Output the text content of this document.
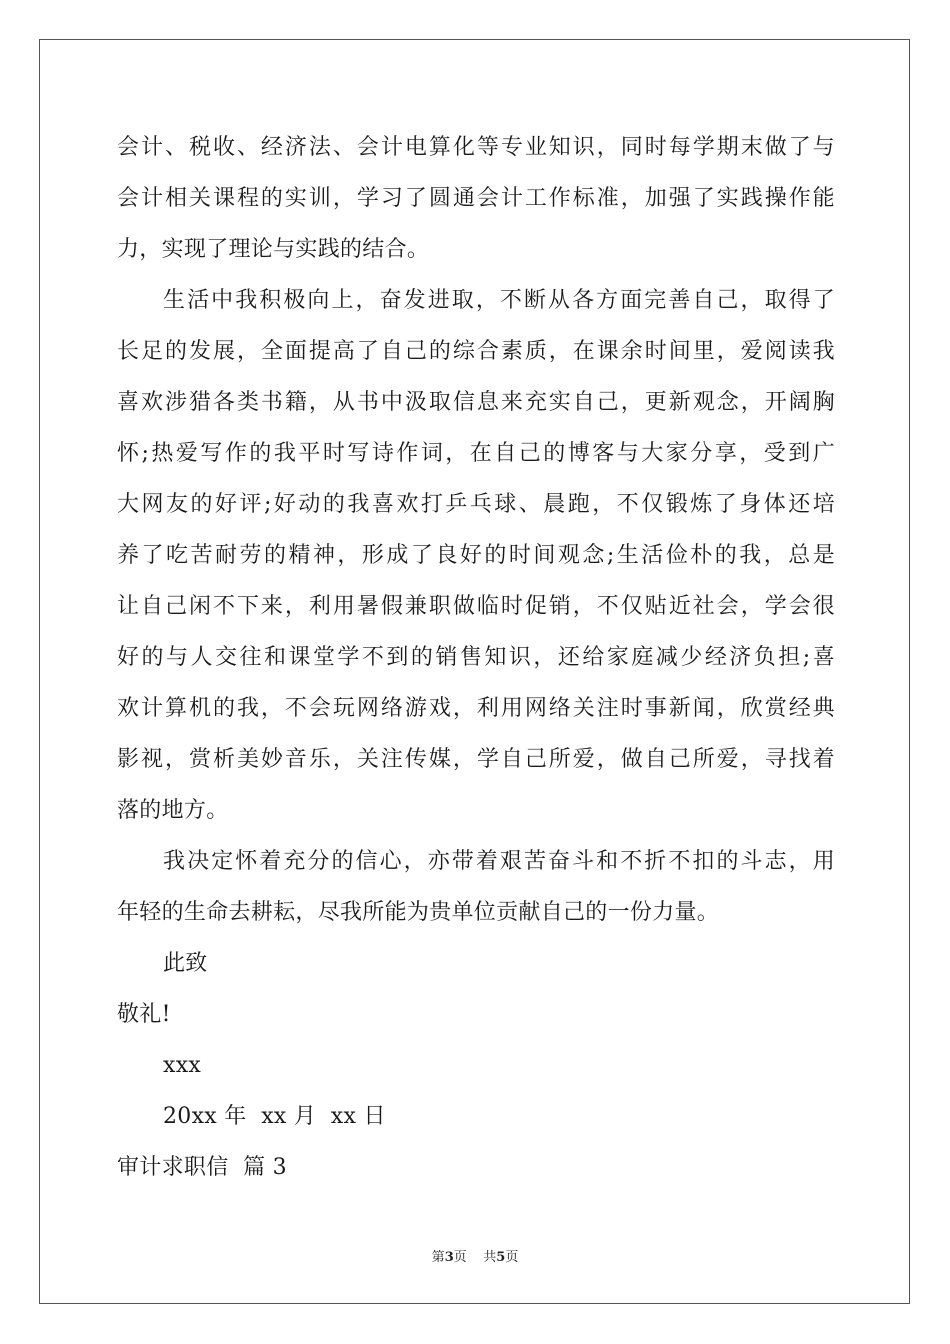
会计、税收、经济法、会计电算化等专业知识，同时每学期末做了与
会计相关课程的实训，学习了圆通会计工作标准，加强了实践操作能
力，实现了理论与实践的结合。
生活中我积极向上，奋发进取，不断从各方面完善自己，取得了
长足的发展，全面提高了自己的综合素质，在课余时间里，爱阅读我
喜欢涉猎各类书籍，从书中汲取信息来充实自己，更新观念，开阔胸
怀;热爱写作的我平时写诗作词，在自己的博客与大家分享，受到广
大网友的好评;好动的我喜欢打乒乓球、晨跑，不仅锻炼了身体还培
养了吃苦耐劳的精神，形成了良好的时间观念;生活俭朴的我，总是
让自己闲不下来，利用暑假兼职做临时促销，不仅贴近社会，学会很
好的与人交往和课堂学不到的销售知识，还给家庭减少经济负担;喜
欢计算机的我，不会玩网络游戏，利用网络关注时事新闻，欣赏经典
影视，赏析美妙音乐，关注传媒，学自己所爱，做自己所爱，寻找着
落的地方。
我决定怀着充分的信心，亦带着艰苦奋斗和不折不扣的斗志，用
年轻的生命去耕耘，尽我所能为贵单位贡献自己的一份力量。
此致
敬礼!
xxx
20xx 年  xx 月  xx 日
审计求职信  篇 3
第3页    共5页
